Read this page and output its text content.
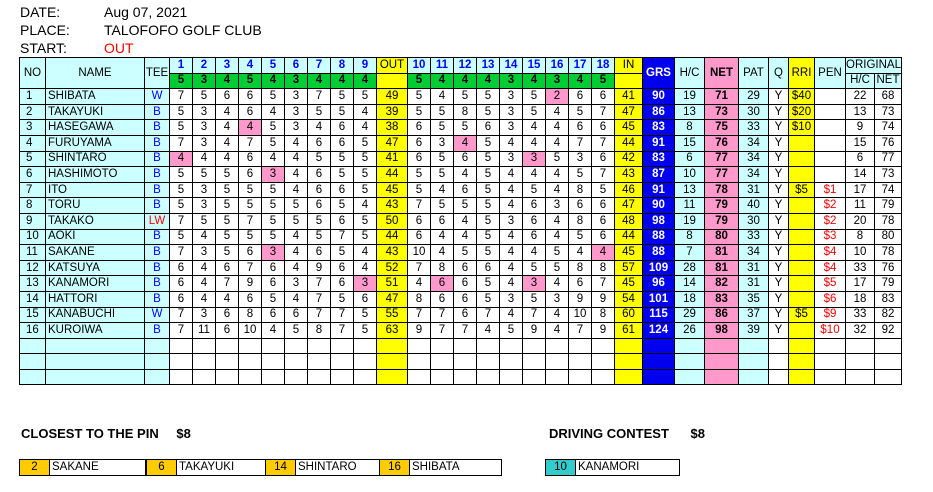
DATE:	Aug 07, 2021
PLACE:	TALOFOFO GOLF CLUB
START:	OUT
NO	NAME	TEE	1	2	3	4	5	6	7	8	9	OUT	10	11	12	13	14	15	16	17	18	IN	GRS	H/C	NET	PAT	Q	RRI	PEN	ORIGINAL	
			5	3	4	5	4	3	4	4	4		5	4	4	4	3	4	3	4	5									H/C	NET
1	SHIBATA	W	7	5	6	6	5	3	7	5	5	49	5	4	5	5	3	5	2	6	6	41	90	19	71	29	Y	$40		22	68
2	TAKAYUKI	B	5	3	4	6	4	3	5	5	4	39	5	5	8	5	3	5	4	5	7	47	86	13	73	30	Y	$20		13	73
3	HASEGAWA	B	5	3	4	4	5	3	4	6	4	38	6	5	5	6	3	4	4	6	6	45	83	8	75	33	Y	$10		9	74
4	FURUYAMA	B	7	3	4	7	5	4	6	6	5	47	6	3	4	5	4	4	4	7	7	44	91	15	76	34	Y			15	76
5	SHINTARO	B	4	4	4	6	4	4	5	5	5	41	6	5	6	5	3	3	5	3	6	42	83	6	77	34	Y			6	77
6	HASHIMOTO	B	5	5	5	6	3	4	6	5	5	44	5	5	4	5	4	4	4	5	7	43	87	10	77	34	Y			14	73
7	ITO	B	5	3	5	5	5	4	6	6	5	45	5	4	6	5	4	5	4	8	5	46	91	13	78	31	Y	$5	$1	17	74
8	TORU	B	5	3	5	5	5	5	6	5	4	43	7	5	5	5	4	6	3	6	6	47	90	11	79	40	Y		$2	11	79
9	TAKAKO	LW	7	5	5	7	5	5	5	6	5	50	6	6	4	5	3	6	4	8	6	48	98	19	79	30	Y		$2	20	78
10	AOKI	B	5	4	5	5	5	4	5	7	5	44	6	4	4	5	4	6	4	5	6	44	88	8	80	33	Y		$3	8	80
11	SAKANE	B	7	3	5	6	3	4	6	5	4	43	10	4	5	5	4	4	5	4	4	45	88	7	81	34	Y		$4	10	78
12	KATSUYA	B	6	4	6	7	6	4	9	6	4	52	7	8	6	6	4	5	5	8	8	57	109	28	81	31	Y		$4	33	76
13	KANAMORI	B	6	4	7	9	6	3	7	6	3	51	4	6	6	5	4	3	4	6	7	45	96	14	82	31	Y		$5	17	79
14	HATTORI	B	6	4	4	6	5	4	7	5	6	47	8	6	6	5	3	5	3	9	9	54	101	18	83	35	Y		$6	18	83
15	KANABUCHI	W	7	3	6	8	6	6	7	7	5	55	7	7	6	7	4	7	4	10	8	60	115	29	86	37	Y	$5	$9	33	82
16	KUROIWA	B	7	11	6	10	4	5	8	7	5	63	9	7	7	4	5	9	4	7	9	61	124	26	98	39	Y		$10	32	92

CLOSEST TO THE PIN $8	DRIVING CONTEST $8
2	SAKANE	6	TAKAYUKI	14 SHINTARO	16 SHIBATA	10 KANAMORI
